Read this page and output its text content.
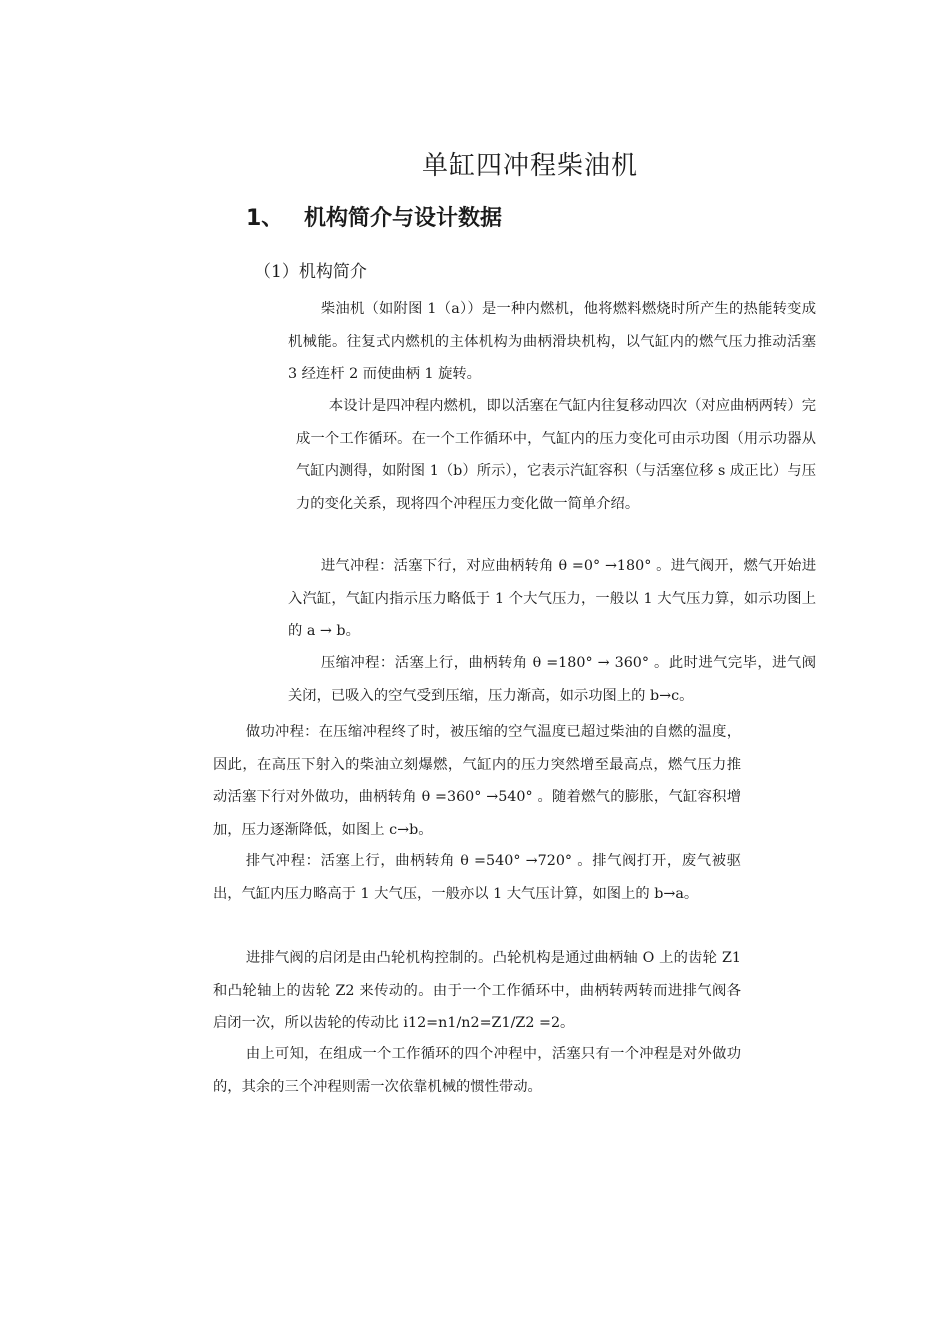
单缸四冲程柴油机
1、 机构简介与设计数据
（1）机构简介

柴油机（如附图 1（a））是一种内燃机，他将燃料燃烧时所产生的热能转变成机械能。往复式内燃机的主体机构为曲柄滑块机构，以气缸内的燃气压力推动活塞 3 经连杆 2 而使曲柄 1 旋转。

本设计是四冲程内燃机，即以活塞在气缸内往复移动四次（对应曲柄两转）完成一个工作循环。在一个工作循环中，气缸内的压力变化可由示功图（用示功器从气缸内测得，如附图 1（b）所示），它表示汽缸容积（与活塞位移 s 成正比）与压力的变化关系，现将四个冲程压力变化做一简单介绍。

进气冲程：活塞下行，对应曲柄转角 θ =0° →180° 。进气阀开，燃气开始进入汽缸，气缸内指示压力略低于 1 个大气压力，一般以 1 大气压力算，如示功图上的 a → b。

压缩冲程：活塞上行，曲柄转角 θ =180° → 360° 。此时进气完毕，进气阀关闭，已吸入的空气受到压缩，压力渐高，如示功图上的 b→c。

做功冲程：在压缩冲程终了时，被压缩的空气温度已超过柴油的自燃的温度，因此，在高压下射入的柴油立刻爆燃，气缸内的压力突然增至最高点，燃气压力推动活塞下行对外做功，曲柄转角 θ =360° →540° 。随着燃气的膨胀，气缸容积增加，压力逐渐降低，如图上 c→b。

排气冲程：活塞上行，曲柄转角 θ =540° →720° 。排气阀打开，废气被驱出，气缸内压力略高于 1 大气压，一般亦以 1 大气压计算，如图上的 b→a。

进排气阀的启闭是由凸轮机构控制的。凸轮机构是通过曲柄轴 O 上的齿轮 Z1 和凸轮轴上的齿轮 Z2 来传动的。由于一个工作循环中，曲柄转两转而进排气阀各启闭一次，所以齿轮的传动比 i12=n1/n2=Z1/Z2 =2。

由上可知，在组成一个工作循环的四个冲程中，活塞只有一个冲程是对外做功的，其余的三个冲程则需一次依靠机械的惯性带动。
